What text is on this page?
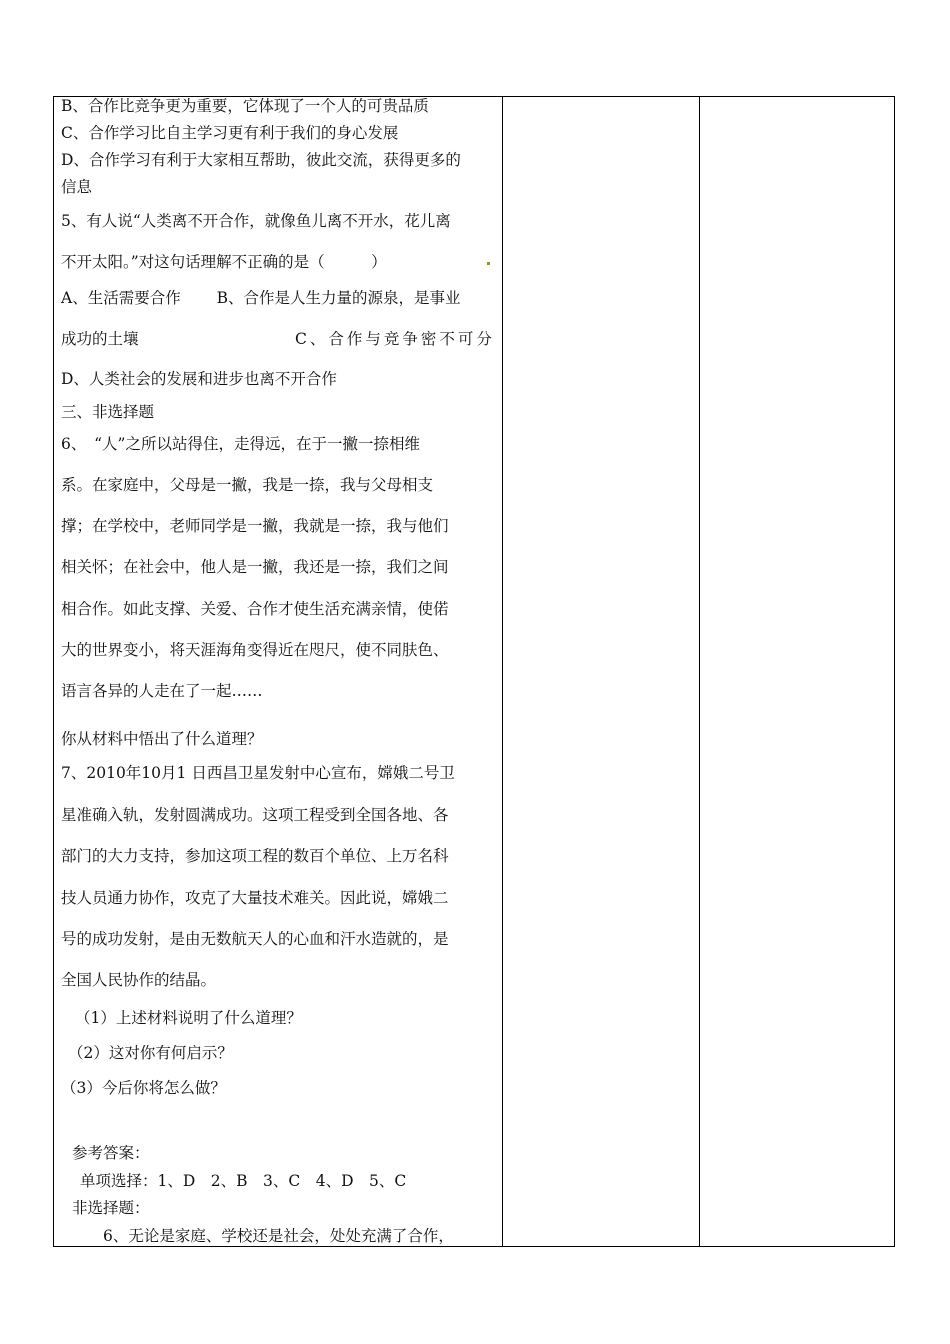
B、合作比竞争更为重要，它体现了一个人的可贵品质
C、合作学习比自主学习更有利于我们的身心发展
D、合作学习有利于大家相互帮助，彼此交流，获得更多的
信息
5、有人说“人类离不开合作，就像鱼儿离不开水，花儿离
不开太阳。”对这句话理解不正确的是（　　　）
A、生活需要合作　　 B、合作是人生力量的源泉，是事业
成功的土壤	C、合作与竞争密不可分
D、人类社会的发展和进步也离不开合作
三、非选择题
6、　“人”之所以站得住，走得远，在于一撇一捺相维
系。在家庭中，父母是一撇，我是一捺，我与父母相支
撑；在学校中，老师同学是一撇，我就是一捺，我与他们
相关怀；在社会中，他人是一撇，我还是一捺，我们之间
相合作。如此支撑、关爱、合作才使生活充满亲情，使偌
大的世界变小，将天涯海角变得近在咫尺，使不同肤色、
语言各异的人走在了一起……
你从材料中悟出了什么道理？
7、2010年10月1 日西昌卫星发射中心宣布，嫦娥二号卫
星准确入轨，发射圆满成功。这项工程受到全国各地、各
部门的大力支持，参加这项工程的数百个单位、上万名科
技人员通力协作，攻克了大量技术难关。因此说，嫦娥二
号的成功发射，是由无数航天人的心血和汗水造就的，是
全国人民协作的结晶。
（1）上述材料说明了什么道理？
（2）这对你有何启示？
（3）今后你将怎么做？
参考答案：
单项选择：1、D　2、B　3、C　4、D　5、C
非选择题：
6、无论是家庭、学校还是社会，处处充满了合作，
